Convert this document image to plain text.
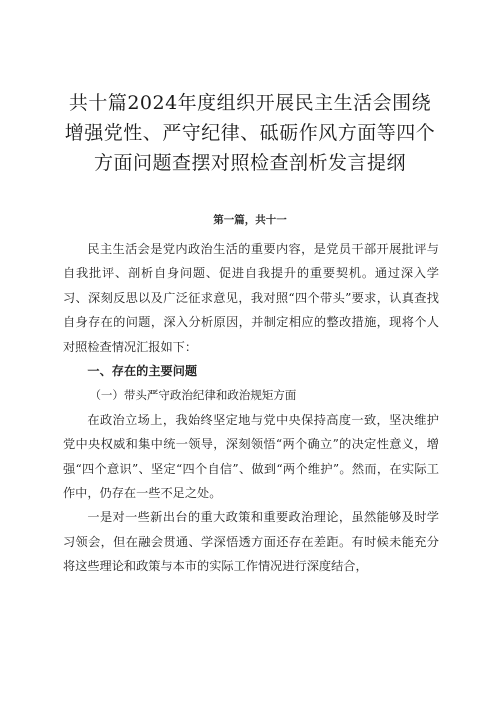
共十篇2024年度组织开展民主生活会围绕增强党性、严守纪律、砥砺作风方面等四个方面问题查摆对照检查剖析发言提纲
第一篇，共十一

民主生活会是党内政治生活的重要内容，是党员干部开展批评与自我批评、剖析自身问题、促进自我提升的重要契机。通过深入学习、深刻反思以及广泛征求意见，我对照“四个带头”要求，认真查找自身存在的问题，深入分析原因，并制定相应的整改措施，现将个人对照检查情况汇报如下：

一、存在的主要问题
（一）带头严守政治纪律和政治规矩方面

在政治立场上，我始终坚定地与党中央保持高度一致，坚决维护党中央权威和集中统一领导，深刻领悟“两个确立”的决定性意义，增强“四个意识”、坚定“四个自信”、做到“两个维护”。然而，在实际工作中，仍存在一些不足之处。

一是对一些新出台的重大政策和重要政治理论，虽然能够及时学习领会，但在融会贯通、学深悟透方面还存在差距。有时候未能充分将这些理论和政策与本市的实际工作情况进行深度结合，
